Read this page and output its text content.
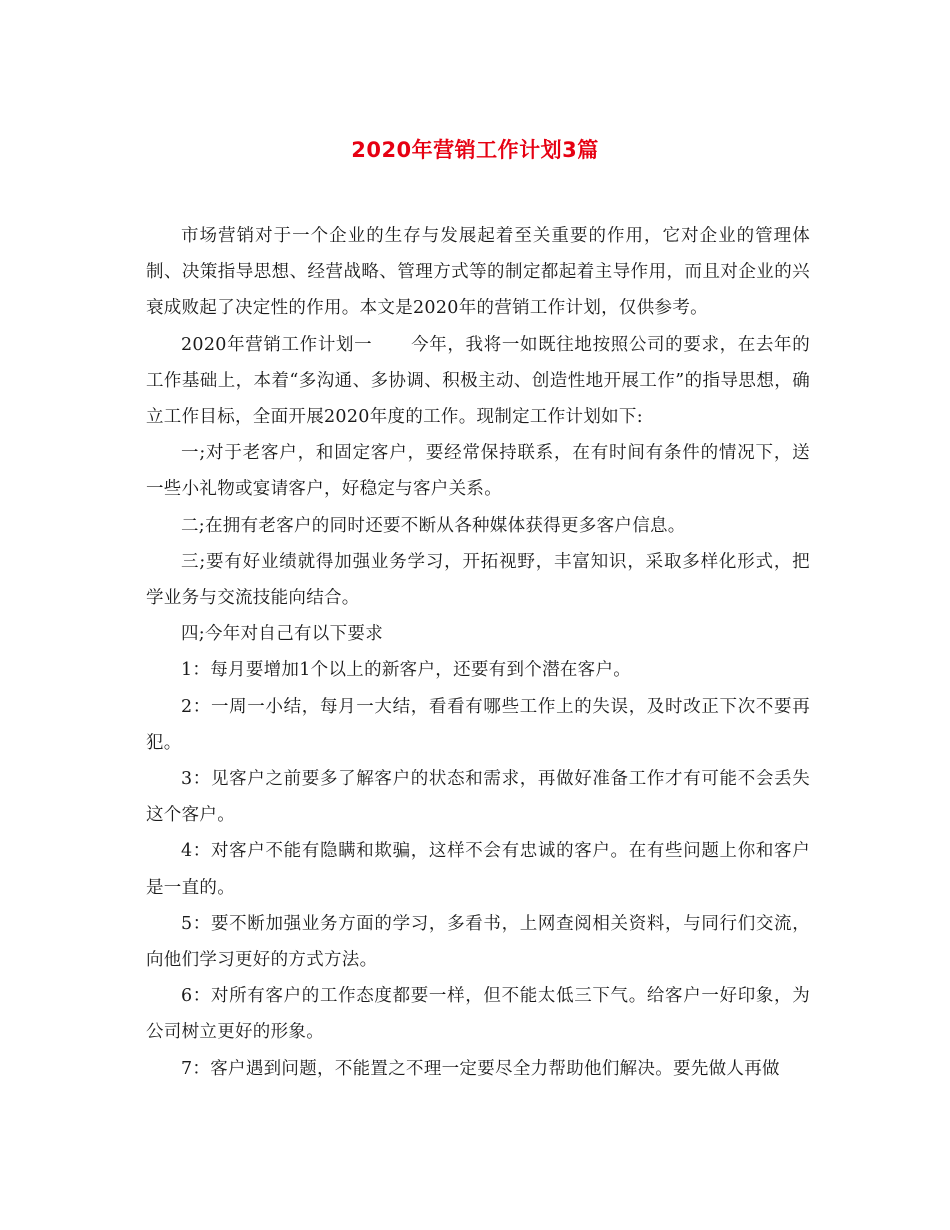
2020年营销工作计划3篇

市场营销对于一个企业的生存与发展起着至关重要的作用，它对企业的管理体制、决策指导思想、经营战略、管理方式等的制定都起着主导作用，而且对企业的兴衰成败起了决定性的作用。本文是2020年的营销工作计划，仅供参考。

2020年营销工作计划一 今年，我将一如既往地按照公司的要求，在去年的工作基础上，本着“多沟通、多协调、积极主动、创造性地开展工作”的指导思想，确立工作目标，全面开展2020年度的工作。现制定工作计划如下:

一;对于老客户，和固定客户，要经常保持联系，在有时间有条件的情况下，送一些小礼物或宴请客户，好稳定与客户关系。

二;在拥有老客户的同时还要不断从各种媒体获得更多客户信息。

三;要有好业绩就得加强业务学习，开拓视野，丰富知识，采取多样化形式，把学业务与交流技能向结合。

四;今年对自己有以下要求

1：每月要增加1个以上的新客户，还要有到个潜在客户。

2：一周一小结，每月一大结，看看有哪些工作上的失误，及时改正下次不要再犯。

3：见客户之前要多了解客户的状态和需求，再做好准备工作才有可能不会丢失这个客户。

4：对客户不能有隐瞒和欺骗，这样不会有忠诚的客户。在有些问题上你和客户是一直的。

5：要不断加强业务方面的学习，多看书，上网查阅相关资料，与同行们交流，向他们学习更好的方式方法。

6：对所有客户的工作态度都要一样，但不能太低三下气。给客户一好印象，为公司树立更好的形象。

7：客户遇到问题，不能置之不理一定要尽全力帮助他们解决。要先做人再做
